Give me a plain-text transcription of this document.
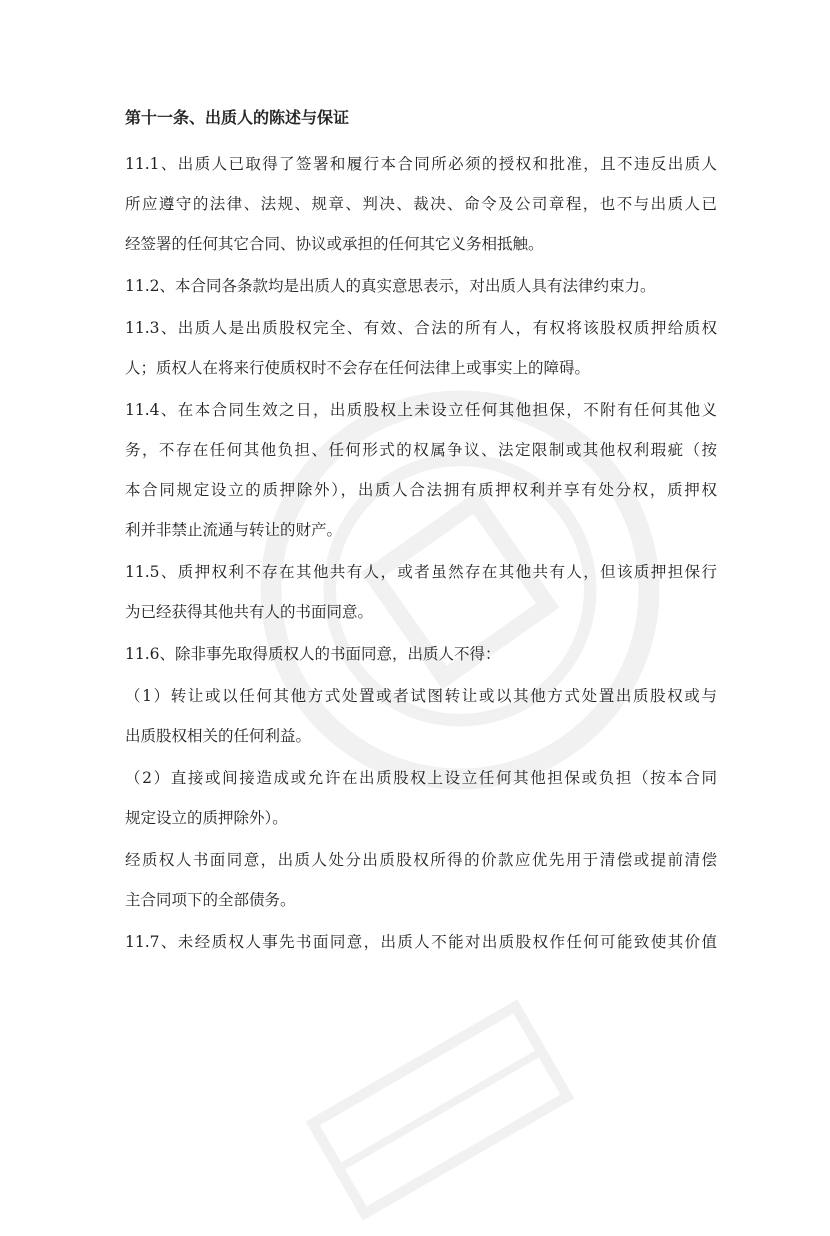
第十一条、出质人的陈述与保证
11.1、出质人已取得了签署和履行本合同所必须的授权和批准，且不违反出质人
所应遵守的法律、法规、规章、判决、裁决、命令及公司章程，也不与出质人已
经签署的任何其它合同、协议或承担的任何其它义务相抵触。
11.2、本合同各条款均是出质人的真实意思表示，对出质人具有法律约束力。
11.3、出质人是出质股权完全、有效、合法的所有人，有权将该股权质押给质权
人；质权人在将来行使质权时不会存在任何法律上或事实上的障碍。
11.4、在本合同生效之日，出质股权上未设立任何其他担保，不附有任何其他义
务，不存在任何其他负担、任何形式的权属争议、法定限制或其他权利瑕疵（按
本合同规定设立的质押除外），出质人合法拥有质押权利并享有处分权，质押权
利并非禁止流通与转让的财产。
11.5、质押权利不存在其他共有人，或者虽然存在其他共有人，但该质押担保行
为已经获得其他共有人的书面同意。
11.6、除非事先取得质权人的书面同意，出质人不得：
（1）转让或以任何其他方式处置或者试图转让或以其他方式处置出质股权或与
出质股权相关的任何利益。
（2）直接或间接造成或允许在出质股权上设立任何其他担保或负担（按本合同
规定设立的质押除外）。
经质权人书面同意，出质人处分出质股权所得的价款应优先用于清偿或提前清偿
主合同项下的全部债务。
11.7、未经质权人事先书面同意，出质人不能对出质股权作任何可能致使其价值
